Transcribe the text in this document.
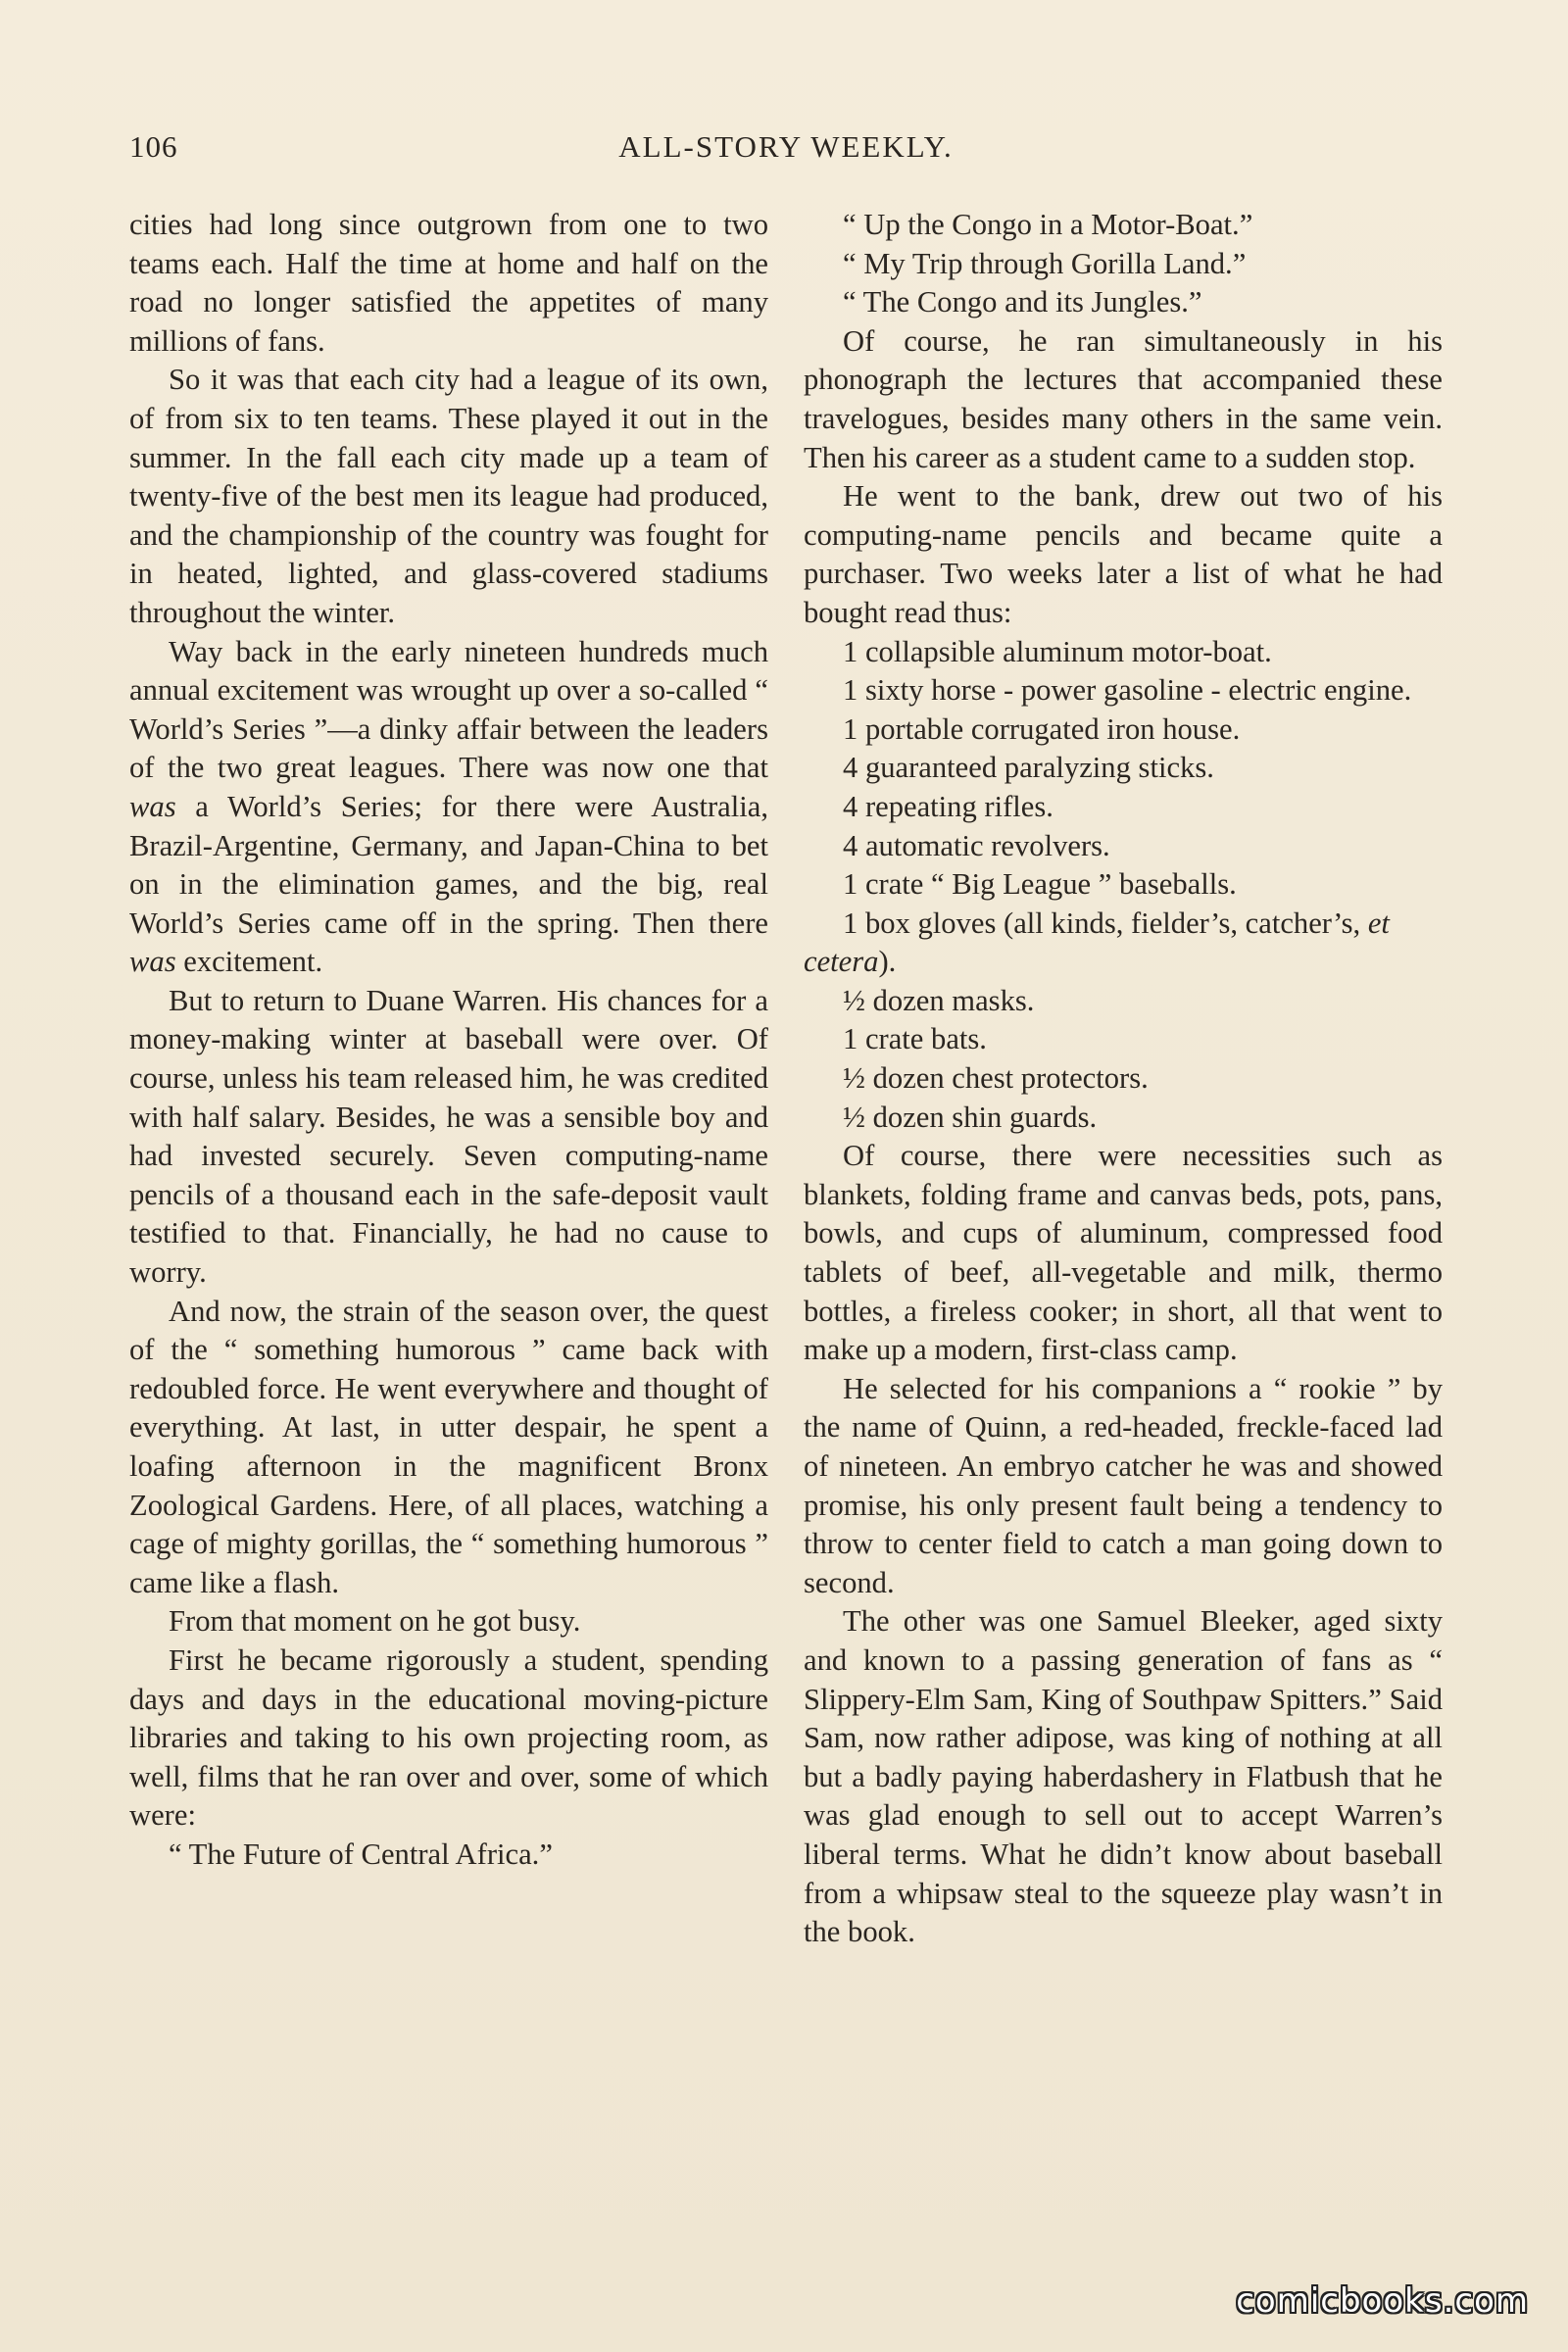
106	ALL-STORY WEEKLY.

cities had long since outgrown from one to two teams each. Half the time at home and half on the road no longer satisfied the appetites of many millions of fans.

So it was that each city had a league of its own, of from six to ten teams. These played it out in the summer. In the fall each city made up a team of twenty-five of the best men its league had produced, and the championship of the country was fought for in heated, lighted, and glass-covered stadiums throughout the winter.

Way back in the early nineteen hundreds much annual excitement was wrought up over a so-called “ World’s Series ”—a dinky affair between the leaders of the two great leagues. There was now one that was a World’s Series; for there were Australia, Brazil-Argentine, Germany, and Japan-China to bet on in the elimination games, and the big, real World’s Series came off in the spring. Then there was excitement.

But to return to Duane Warren. His chances for a money-making winter at baseball were over. Of course, unless his team released him, he was credited with half salary. Besides, he was a sensible boy and had invested securely. Seven computing-name pencils of a thousand each in the safe-deposit vault testified to that. Financially, he had no cause to worry.

And now, the strain of the season over, the quest of the “ something humorous ” came back with redoubled force. He went everywhere and thought of everything. At last, in utter despair, he spent a loafing afternoon in the magnificent Bronx Zoological Gardens. Here, of all places, watching a cage of mighty gorillas, the “ something humorous ” came like a flash.

From that moment on he got busy.

First he became rigorously a student, spending days and days in the educational moving-picture libraries and taking to his own projecting room, as well, films that he ran over and over, some of which were:

“ The Future of Central Africa.”

“ Up the Congo in a Motor-Boat.”

“ My Trip through Gorilla Land.”

“ The Congo and its Jungles.”

Of course, he ran simultaneously in his phonograph the lectures that accompanied these travelogues, besides many others in the same vein. Then his career as a student came to a sudden stop.

He went to the bank, drew out two of his computing-name pencils and became quite a purchaser. Two weeks later a list of what he had bought read thus:

1 collapsible aluminum motor-boat.

1 sixty horse - power gasoline - electric engine.

1 portable corrugated iron house.

4 guaranteed paralyzing sticks.

4 repeating rifles.

4 automatic revolvers.

1 crate “ Big League ” baseballs.

1 box gloves (all kinds, fielder’s, catcher’s, et cetera).

½ dozen masks.

1 crate bats.

½ dozen chest protectors.

½ dozen shin guards.

Of course, there were necessities such as blankets, folding frame and canvas beds, pots, pans, bowls, and cups of aluminum, compressed food tablets of beef, all-vegetable and milk, thermo bottles, a fireless cooker; in short, all that went to make up a modern, first-class camp.

He selected for his companions a “ rookie ” by the name of Quinn, a red-headed, freckle-faced lad of nineteen. An embryo catcher he was and showed promise, his only present fault being a tendency to throw to center field to catch a man going down to second.

The other was one Samuel Bleeker, aged sixty and known to a passing generation of fans as “ Slippery-Elm Sam, King of Southpaw Spitters.” Said Sam, now rather adipose, was king of nothing at all but a badly paying haberdashery in Flatbush that he was glad enough to sell out to accept Warren’s liberal terms. What he didn’t know about baseball from a whipsaw steal to the squeeze play wasn’t in the book.

comicbooks.com
